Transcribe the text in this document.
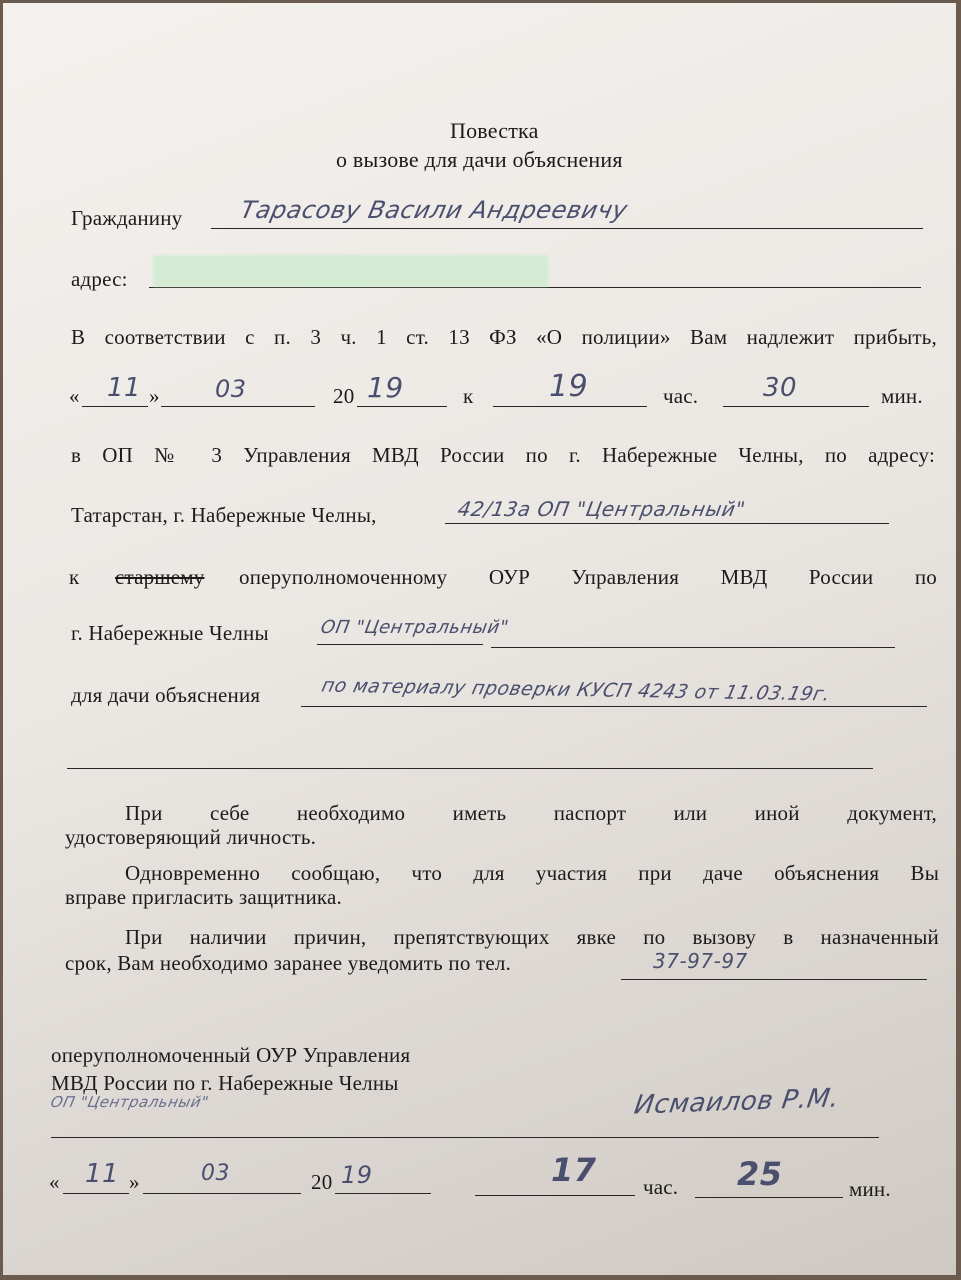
Повестка
о вызове для дачи объяснения
Гражданину Тарасову Васили Андреевичу
адрес:
В соответствии с п. 3 ч. 1 ст. 13 ФЗ «О полиции» Вам надлежит прибыть,
« 11 » 03	20 19	к	19	час. 30	мин.
в ОП № 3 Управления МВД России по г. Набережные Челны, по адресу:
Татарстан, г. Набережные Челны,	42/13а ОП "Центральный"
к старшему оперуполномоченному ОУР Управления МВД России по
г. Набережные Челны	ОП "Центральный"
для дачи объяснения	по материалу проверки КУСП 4243 от 11.03.19г.
При себе необходимо иметь паспорт или иной документ,
удостоверяющий личность.
Одновременно сообщаю, что для участия при даче объяснения Вы
вправе пригласить защитника.
При наличии причин, препятствующих явке по вызову в назначенный
срок, Вам необходимо заранее уведомить по тел.	37-97-97
оперуполномоченный ОУР Управления
МВД России по г. Набережные Челны
ОП "Центральный"	Исмаилов Р.М.
« 11 »	03	20 19	17 час. 25	мин.
